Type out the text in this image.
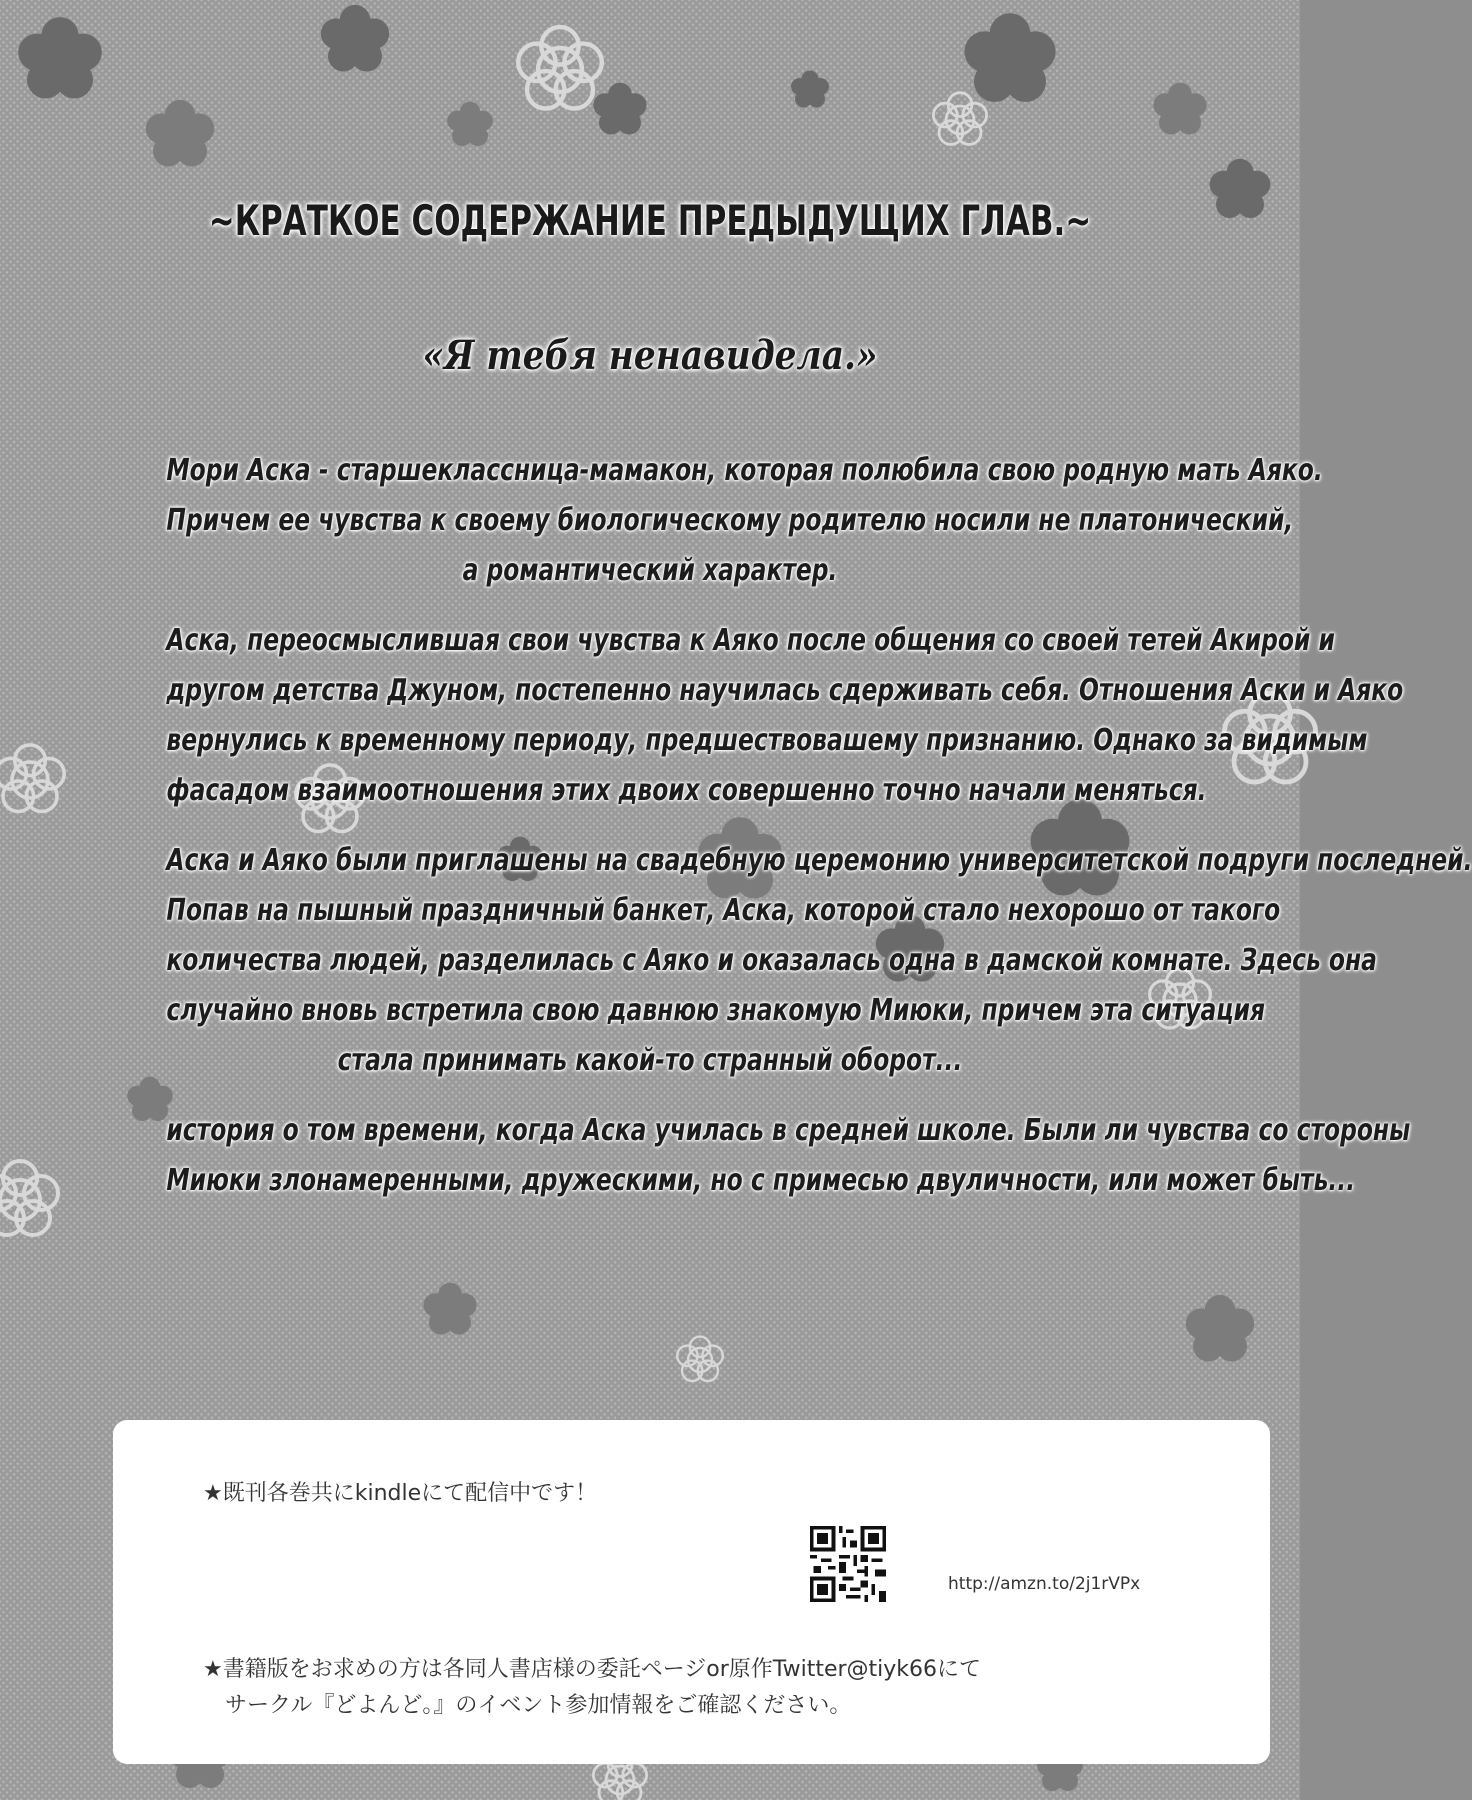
~КРАТКОЕ СОДЕРЖАНИЕ ПРЕДЫДУЩИХ ГЛАВ.~
«Я тебя ненавидела.»
Мори Аска - старшеклассница-мамакон, которая полюбила свою родную мать Аяко.
Причем ее чувства к своему биологическому родителю носили не платонический,
а романтический характер.
Аска, переосмыслившая свои чувства к Аяко после общения со своей тетей Акирой и
другом детства Джуном, постепенно научилась сдерживать себя. Отношения Аски и Аяко
вернулись к временному периоду, предшествовашему признанию. Однако за видимым
фасадом взаимоотношения этих двоих совершенно точно начали меняться.
Аска и Аяко были приглашены на свадебную церемонию университетской подруги последней.
Попав на пышный праздничный банкет, Аска, которой стало нехорошо от такого
количества людей, разделилась с Аяко и оказалась одна в дамской комнате. Здесь она
случайно вновь встретила свою давнюю знакомую Миюки, причем эта ситуация
стала принимать какой-то странный оборот...
история о том времени, когда Аска училась в средней школе. Были ли чувства со стороны
Миюки злонамеренными, дружескими, но с примесью двуличности, или может быть...
★既刊各巻共にkindleにて配信中です！
http://amzn.to/2j1rVPx
★書籍版をお求めの方は各同人書店様の委託ページor原作Twitter@tiyk66にて
サークル『どよんど。』のイベント参加情報をご確認ください。
